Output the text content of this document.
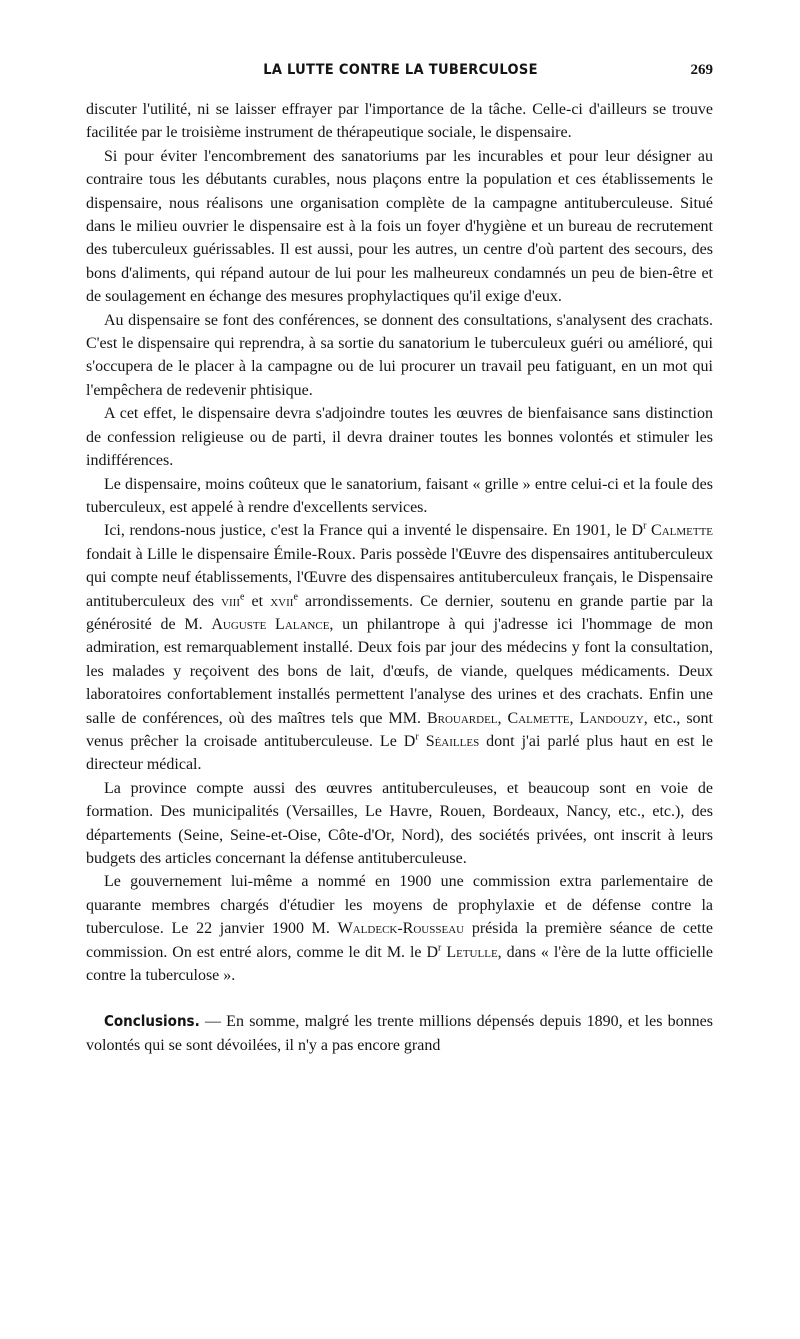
LA LUTTE CONTRE LA TUBERCULOSE	269

discuter l'utilité, ni se laisser effrayer par l'importance de la tâche. Celle-ci d'ailleurs se trouve facilitée par le troisième instrument de thérapeutique sociale, le dispensaire.

Si pour éviter l'encombrement des sanatoriums par les incurables et pour leur désigner au contraire tous les débutants curables, nous plaçons entre la population et ces établissements le dispensaire, nous réalisons une organisation complète de la campagne antituberculeuse. Situé dans le milieu ouvrier le dispensaire est à la fois un foyer d'hygiène et un bureau de recrutement des tuberculeux guérissables. Il est aussi, pour les autres, un centre d'où partent des secours, des bons d'aliments, qui répand autour de lui pour les malheureux condamnés un peu de bien-être et de soulagement en échange des mesures prophylactiques qu'il exige d'eux.

Au dispensaire se font des conférences, se donnent des consultations, s'analysent des crachats. C'est le dispensaire qui reprendra, à sa sortie du sanatorium le tuberculeux guéri ou amélioré, qui s'occupera de le placer à la campagne ou de lui procurer un travail peu fatiguant, en un mot qui l'empêchera de redevenir phtisique.

A cet effet, le dispensaire devra s'adjoindre toutes les œuvres de bienfaisance sans distinction de confession religieuse ou de parti, il devra drainer toutes les bonnes volontés et stimuler les indifférences.

Le dispensaire, moins coûteux que le sanatorium, faisant « grille » entre celui-ci et la foule des tuberculeux, est appelé à rendre d'excellents services.

Ici, rendons-nous justice, c'est la France qui a inventé le dispensaire. En 1901, le $D^r$ Calmette fondait à Lille le dispensaire Émile-Roux. Paris possède l'Œuvre des dispensaires antituberculeux qui compte neuf établissements, l'Œuvre des dispensaires antituberculeux français, le Dispensaire antituberculeux des viii$^e$ et xvii$^e$ arrondissements. Ce dernier, soutenu en grande partie par la générosité de M. Auguste Lalance, un philantrope à qui j'adresse ici l'hommage de mon admiration, est remarquablement installé. Deux fois par jour des médecins y font la consultation, les malades y reçoivent des bons de lait, d'œufs, de viande, quelques médicaments. Deux laboratoires confortablement installés permettent l'analyse des urines et des crachats. Enfin une salle de conférences, où des maîtres tels que MM. Brouardel, Calmette, Landouzy, etc., sont venus prêcher la croisade antituberculeuse. Le $D^r$ Séailles dont j'ai parlé plus haut en est le directeur médical.

La province compte aussi des œuvres antituberculeuses, et beaucoup sont en voie de formation. Des municipalités (Versailles, Le Havre, Rouen, Bordeaux, Nancy, etc., etc.), des départements (Seine, Seine-et-Oise, Côte-d'Or, Nord), des sociétés privées, ont inscrit à leurs budgets des articles concernant la défense antituberculeuse.

Le gouvernement lui-même a nommé en 1900 une commission extra parlementaire de quarante membres chargés d'étudier les moyens de prophylaxie et de défense contre la tuberculose. Le 22 janvier 1900 M. Waldeck-Rousseau présida la première séance de cette commission. On est entré alors, comme le dit M. le $D^r$ Letulle, dans « l'ère de la lutte officielle contre la tuberculose ».

Conclusions. — En somme, malgré les trente millions dépensés depuis 1890, et les bonnes volontés qui se sont dévoilées, il n'y a pas encore grand
